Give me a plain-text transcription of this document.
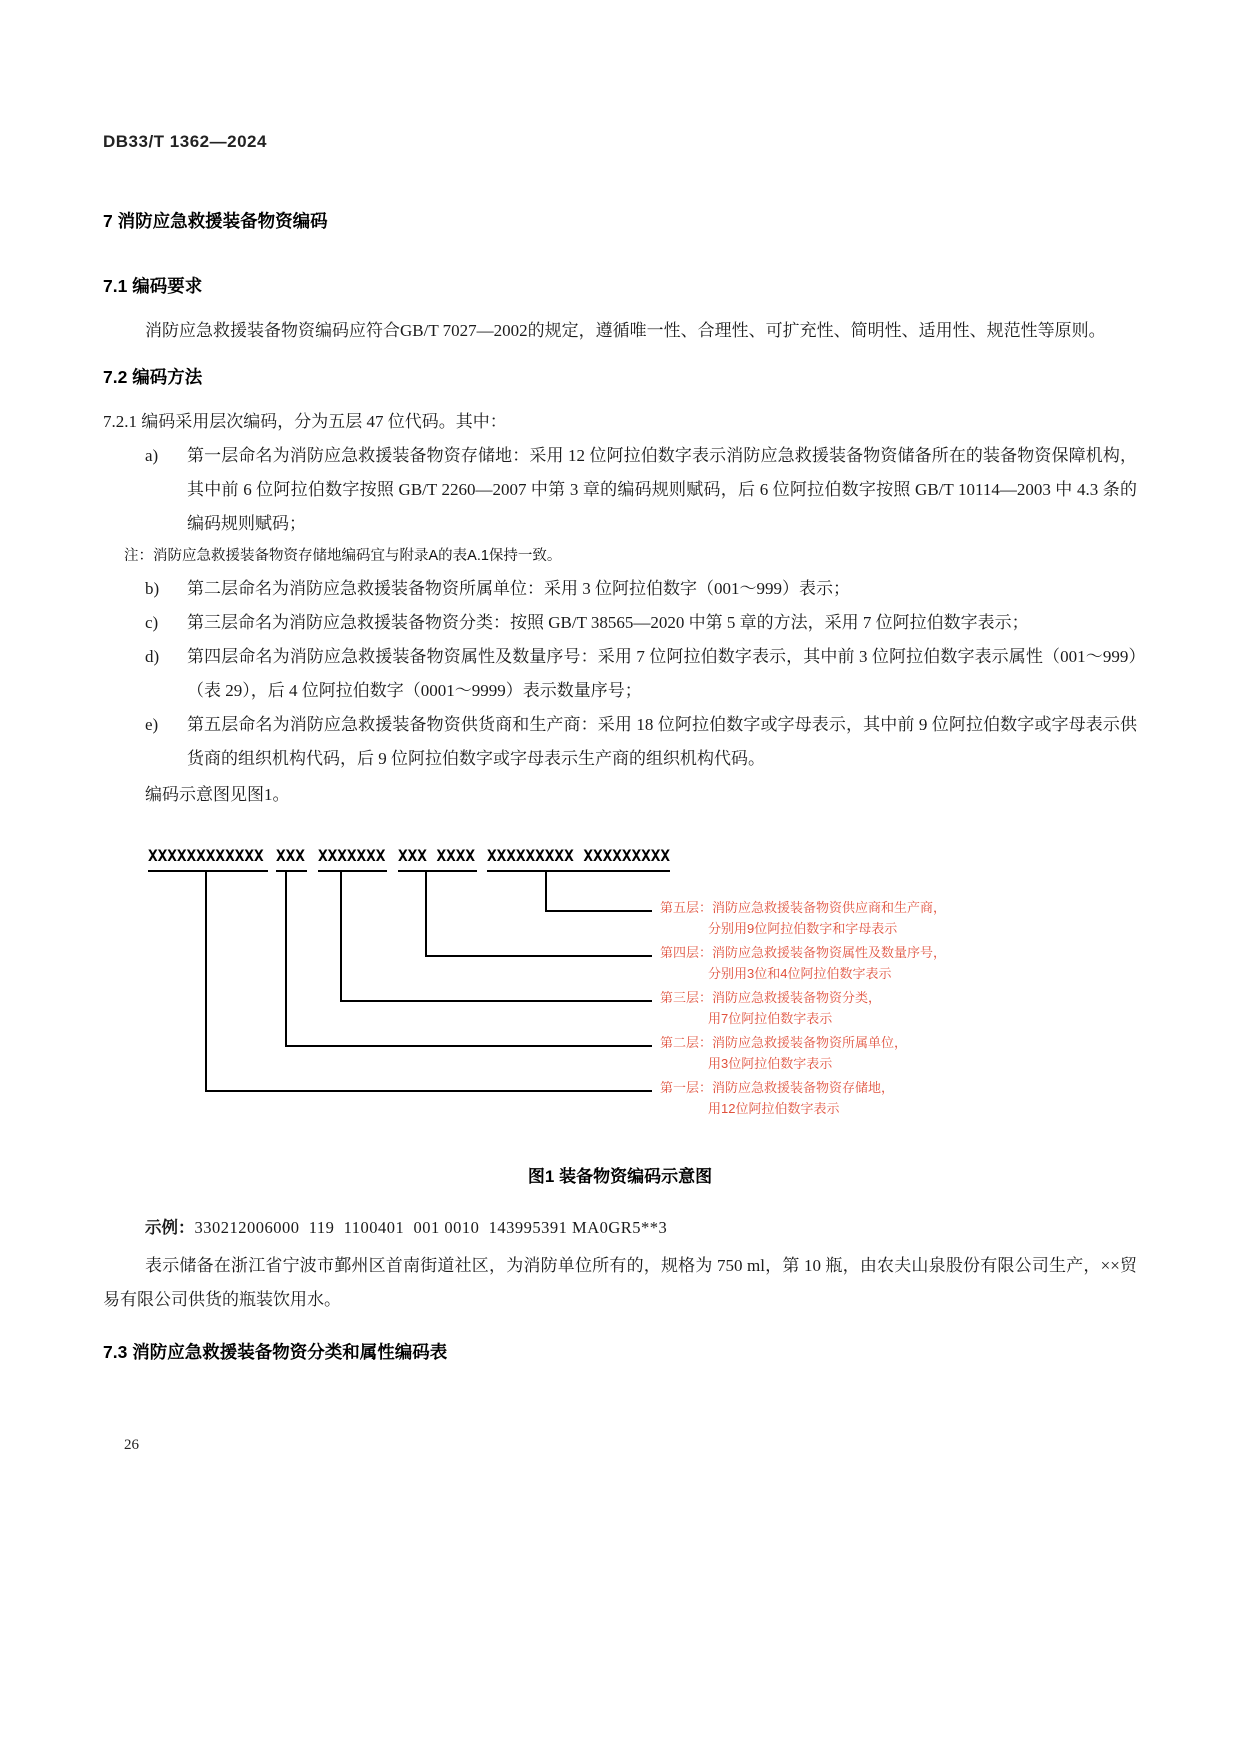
DB33/T 1362—2024
7 消防应急救援装备物资编码
7.1 编码要求
消防应急救援装备物资编码应符合GB/T 7027—2002的规定，遵循唯一性、合理性、可扩充性、简明性、适用性、规范性等原则。
7.2 编码方法
7.2.1 编码采用层次编码，分为五层 47 位代码。其中：
a)	第一层命名为消防应急救援装备物资存储地：采用 12 位阿拉伯数字表示消防应急救援装备物资储备所在的装备物资保障机构，其中前 6 位阿拉伯数字按照 GB/T 2260—2007 中第 3 章的编码规则赋码，后 6 位阿拉伯数字按照 GB/T 10114—2003 中 4.3 条的编码规则赋码；
注：消防应急救援装备物资存储地编码宜与附录A的表A.1保持一致。
b)	第二层命名为消防应急救援装备物资所属单位：采用 3 位阿拉伯数字（001～999）表示；
c)	第三层命名为消防应急救援装备物资分类：按照 GB/T 38565—2020 中第 5 章的方法，采用 7 位阿拉伯数字表示；
d)	第四层命名为消防应急救援装备物资属性及数量序号：采用 7 位阿拉伯数字表示，其中前 3 位阿拉伯数字表示属性（001～999）（表 29），后 4 位阿拉伯数字（0001～9999）表示数量序号；
e)	第五层命名为消防应急救援装备物资供货商和生产商：采用 18 位阿拉伯数字或字母表示，其中前 9 位阿拉伯数字或字母表示供货商的组织机构代码，后 9 位阿拉伯数字或字母表示生产商的组织机构代码。
编码示意图见图1。
XXXXXXXXXXXX XXX XXXXXXX XXX XXXX XXXXXXXXX XXXXXXXXX
第五层：消防应急救援装备物资供应商和生产商，
分别用9位阿拉伯数字和字母表示
第四层：消防应急救援装备物资属性及数量序号，
分别用3位和4位阿拉伯数字表示
第三层：消防应急救援装备物资分类，
用7位阿拉伯数字表示
第二层：消防应急救援装备物资所属单位，
用3位阿拉伯数字表示
第一层：消防应急救援装备物资存储地，
用12位阿拉伯数字表示
图1 装备物资编码示意图
示例：330212006000  119  1100401  001 0010  143995391 MA0GR5**3
表示储备在浙江省宁波市鄞州区首南街道社区，为消防单位所有的，规格为 750 ml，第 10 瓶，由农夫山泉股份有限公司生产，××贸易有限公司供货的瓶装饮用水。
7.3 消防应急救援装备物资分类和属性编码表
26
